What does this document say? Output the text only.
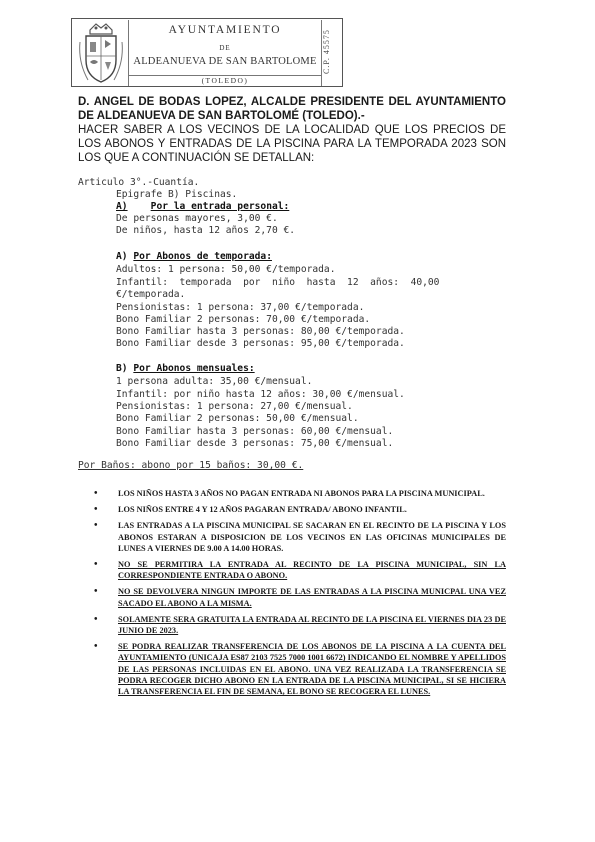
AYUNTAMIENTO
DE
ALDEANUEVA DE SAN BARTOLOME
(TOLEDO)
C.P. 45575
D. ANGEL DE BODAS LOPEZ, ALCALDE PRESIDENTE DEL AYUNTAMIENTO DE ALDEANUEVA DE SAN BARTOLOMÉ (TOLEDO).-
HACER SABER A LOS VECINOS DE LA LOCALIDAD QUE LOS PRECIOS DE LOS ABONOS Y ENTRADAS DE LA PISCINA PARA LA TEMPORADA 2023 SON LOS QUE A CONTINUACIÓN SE DETALLAN:
Articulo 3°.-Cuantía.
Epigrafe B) Piscinas.
A) Por la entrada personal:
De personas mayores, 3,00 €.
De niños, hasta 12 años 2,70 €.
A) Por Abonos de temporada:
Adultos: 1 persona: 50,00 €/temporada.
Infantil:  temporada  por  niño  hasta  12  años:  40,00
€/temporada.
Pensionistas: 1 persona: 37,00 €/temporada.
Bono Familiar 2 personas: 70,00 €/temporada.
Bono Familiar hasta 3 personas: 80,00 €/temporada.
Bono Familiar desde 3 personas: 95,00 €/temporada.
B) Por Abonos mensuales:
1 persona adulta: 35,00 €/mensual.
Infantil: por niño hasta 12 años: 30,00 €/mensual.
Pensionistas: 1 persona: 27,00 €/mensual.
Bono Familiar 2 personas: 50,00 €/mensual.
Bono Familiar hasta 3 personas: 60,00 €/mensual.
Bono Familiar desde 3 personas: 75,00 €/mensual.
Por Baños: abono por 15 baños: 30,00 €.
• LOS NIÑOS HASTA 3 AÑOS NO PAGAN ENTRADA NI ABONOS PARA LA PISCINA MUNICIPAL.
• LOS NIÑOS ENTRE 4 Y 12 AÑOS PAGARAN ENTRADA/ ABONO INFANTIL.
• LAS ENTRADAS A LA PISCINA MUNICIPAL SE SACARAN EN EL RECINTO DE LA PISCINA Y LOS ABONOS ESTARAN A DISPOSICION DE LOS VECINOS EN LAS OFICINAS MUNICIPALES DE LUNES A VIERNES DE 9.00 A 14.00 HORAS.
• NO SE PERMITIRA LA ENTRADA AL RECINTO DE LA PISCINA MUNICIPAL, SIN LA CORRESPONDIENTE ENTRADA O ABONO.
• NO SE DEVOLVERA NINGUN IMPORTE DE LAS ENTRADAS A LA PISCINA MUNICPAL UNA VEZ SACADO EL ABONO A LA MISMA.
• SOLAMENTE SERA GRATUITA LA ENTRADA AL RECINTO DE LA PISCINA EL VIERNES DIA 23 DE JUNIO DE 2023.
• SE PODRA REALIZAR TRANSFERENCIA DE LOS ABONOS DE LA PISCINA A LA CUENTA DEL AYUNTAMIENTO (UNICAJA ES87 2103 7525 7000 1001 6672) INDICANDO EL NOMBRE Y APELLIDOS DE LAS PERSONAS INCLUIDAS EN EL ABONO. UNA VEZ REALIZADA LA TRANSFERENCIA SE PODRA RECOGER DICHO ABONO EN LA ENTRADA DE LA PISCINA MUNICIPAL, SI SE HICIERA LA TRANSFERENCIA EL FIN DE SEMANA, EL BONO SE RECOGERA EL LUNES.
